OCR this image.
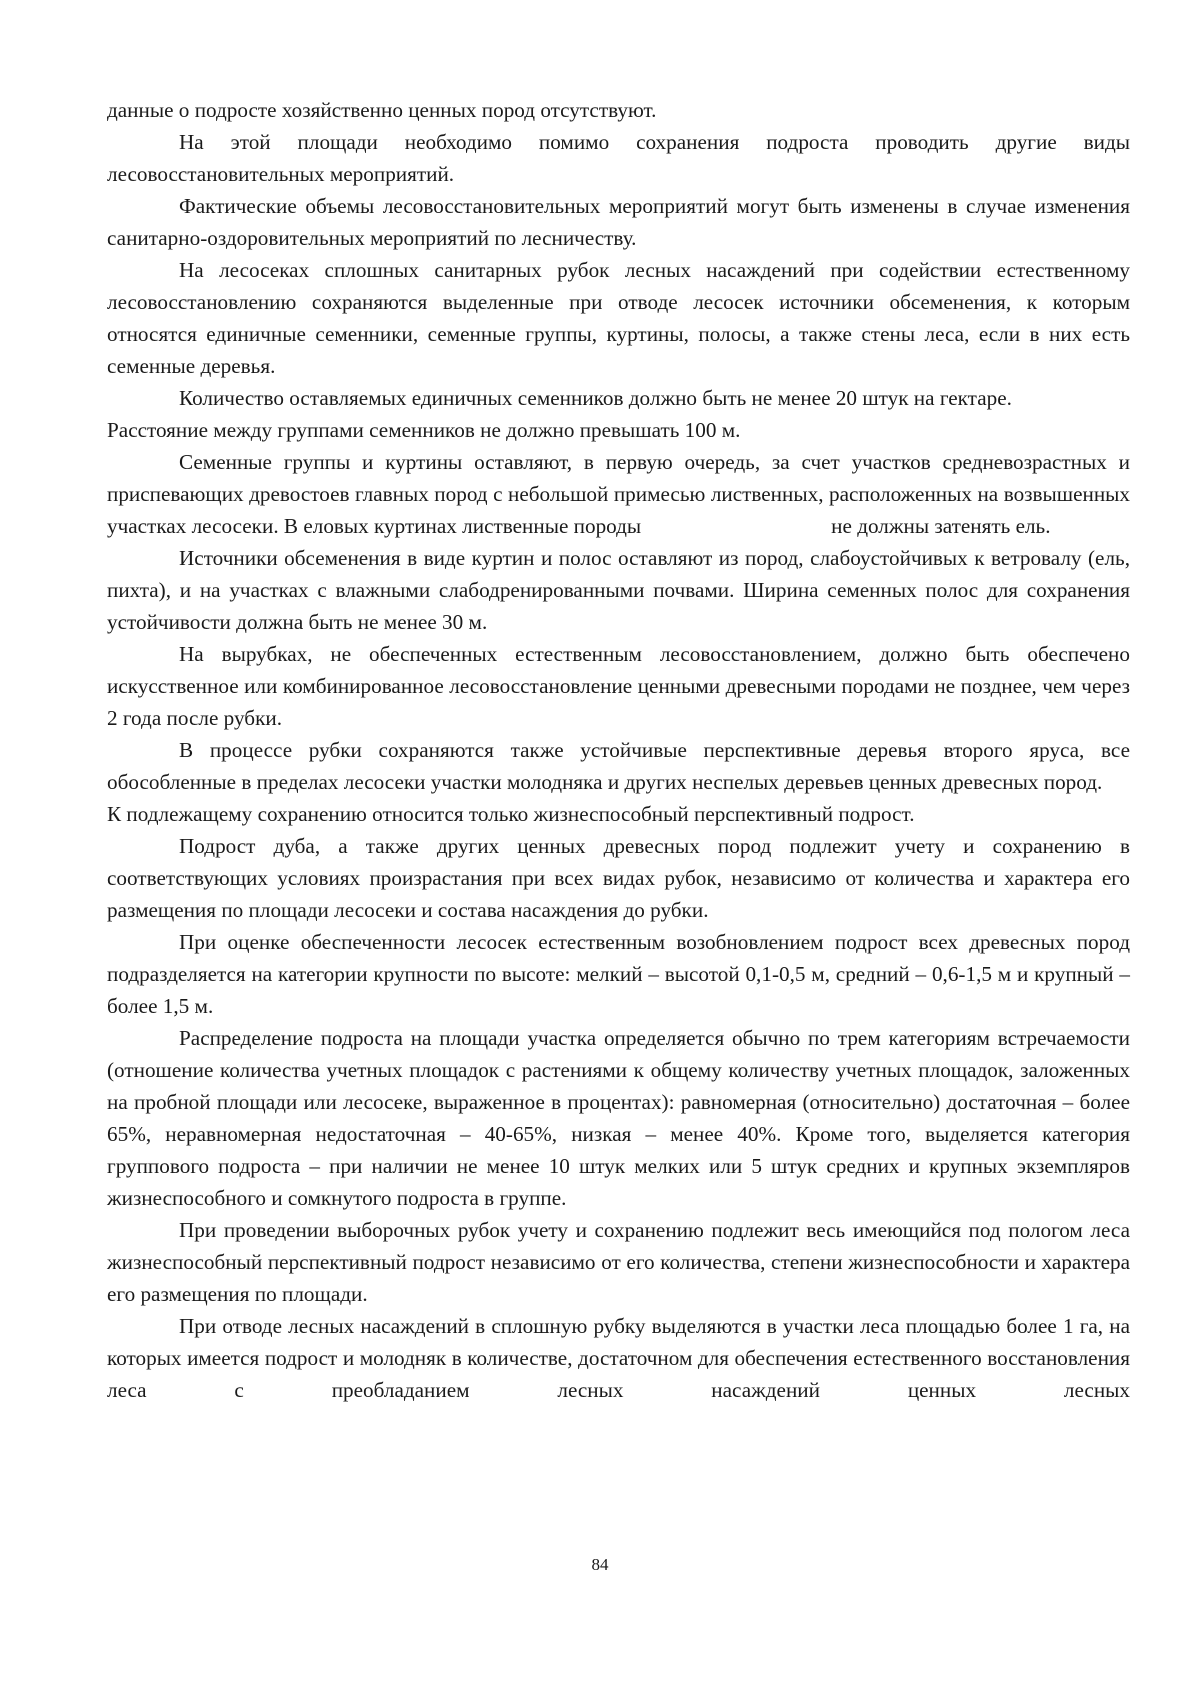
данные о подросте хозяйственно ценных пород отсутствуют.

На этой площади необходимо помимо сохранения подроста проводить другие виды лесовосстановительных мероприятий.

Фактические объемы лесовосстановительных мероприятий могут быть изменены в случае изменения санитарно-оздоровительных мероприятий по лесничеству.

На лесосеках сплошных санитарных рубок лесных насаждений при содействии естественному лесовосстановлению сохраняются выделенные при отводе лесосек источники обсеменения, к которым относятся единичные семенники, семенные группы, куртины, полосы, а также стены леса, если в них есть семенные деревья.

Количество оставляемых единичных семенников должно быть не менее 20 штук на гектаре.

Расстояние между группами семенников не должно превышать 100 м.

Семенные группы и куртины оставляют, в первую очередь, за счет участков средневозрастных и приспевающих древостоев главных пород с небольшой примесью лиственных, расположенных на возвышенных участках лесосеки. В еловых куртинах лиственные породы	не должны затенять ель.

Источники обсеменения в виде куртин и полос оставляют из пород, слабоустойчивых к ветровалу (ель, пихта), и на участках с влажными слабодренированными почвами. Ширина семенных полос для сохранения устойчивости должна быть не менее 30 м.

На вырубках, не обеспеченных естественным лесовосстановлением, должно быть обеспечено искусственное или комбинированное лесовосстановление ценными древесными породами не позднее, чем через 2 года после рубки.

В процессе рубки сохраняются также устойчивые перспективные деревья второго яруса, все обособленные в пределах лесосеки участки молодняка и других неспелых деревьев ценных древесных пород.

К подлежащему сохранению относится только жизнеспособный перспективный подрост.

Подрост дуба, а также других ценных древесных пород подлежит учету и сохранению в соответствующих условиях произрастания при всех видах рубок, независимо от количества и характера его размещения по площади лесосеки и состава насаждения до рубки.

При оценке обеспеченности лесосек естественным возобновлением подрост всех древесных пород подразделяется на категории крупности по высоте: мелкий – высотой 0,1-0,5 м, средний – 0,6-1,5 м и крупный – более 1,5 м.

Распределение подроста на площади участка определяется обычно по трем категориям встречаемости (отношение количества учетных площадок с растениями к общему количеству учетных площадок, заложенных на пробной площади или лесосеке, выраженное в процентах): равномерная (относительно) достаточная – более 65%, неравномерная недостаточная – 40-65%, низкая – менее 40%. Кроме того, выделяется категория группового подроста – при наличии не менее 10 штук мелких или 5 штук средних и крупных экземпляров жизнеспособного и сомкнутого подроста в группе.

При проведении выборочных рубок учету и сохранению подлежит весь имеющийся под пологом леса жизнеспособный перспективный подрост независимо от его количества, степени жизнеспособности и характера его размещения по площади.

При отводе лесных насаждений в сплошную рубку выделяются в участки леса площадью более 1 га, на которых имеется подрост и молодняк в количестве, достаточном для обеспечения естественного восстановления леса с преобладанием лесных насаждений ценных лесных

84
